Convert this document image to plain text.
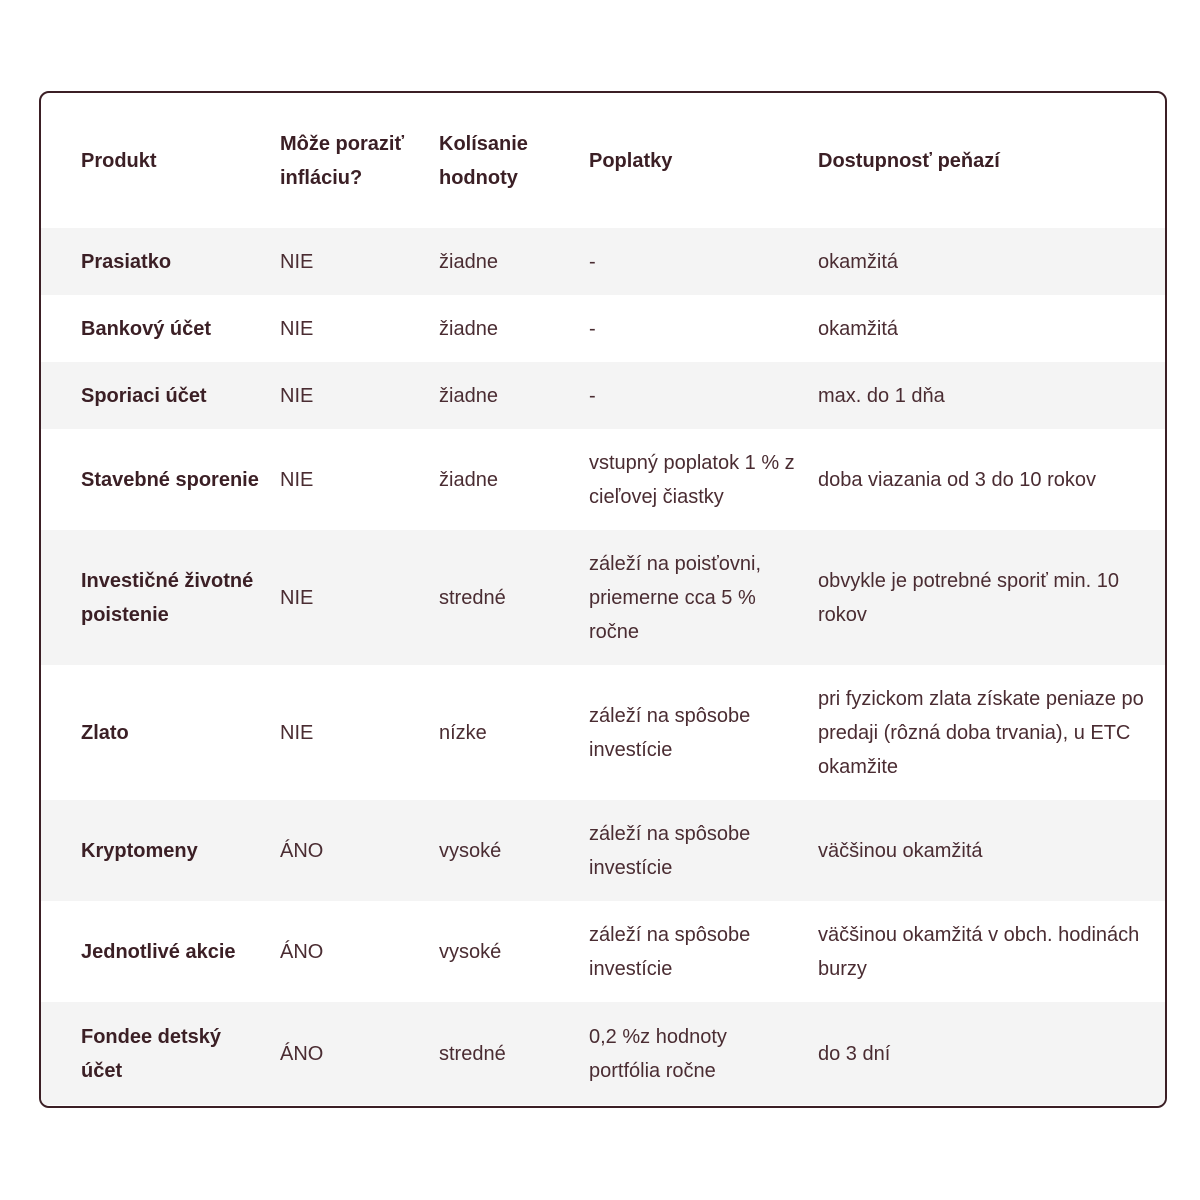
Produkt	Môže poraziť infláciu?	Kolísanie hodnoty	Poplatky	Dostupnosť peňazí
Prasiatko	NIE	žiadne	-	okamžitá
Bankový účet	NIE	žiadne	-	okamžitá
Sporiaci účet	NIE	žiadne	-	max. do 1 dňa
Stavebné sporenie	NIE	žiadne	vstupný poplatok 1 % z cieľovej čiastky	doba viazania od 3 do 10 rokov
Investičné životné poistenie	NIE	stredné	záleží na poisťovni, priemerne cca 5 % ročne	obvykle je potrebné sporiť min. 10 rokov
Zlato	NIE	nízke	záleží na spôsobe investície	pri fyzickom zlata získate peniaze po predaji (rôzná doba trvania), u ETC okamžite
Kryptomeny	ÁNO	vysoké	záleží na spôsobe investície	väčšinou okamžitá
Jednotlivé akcie	ÁNO	vysoké	záleží na spôsobe investície	väčšinou okamžitá v obch. hodinách burzy
Fondee detský účet	ÁNO	stredné	0,2 %z hodnoty portfólia ročne	do 3 dní
